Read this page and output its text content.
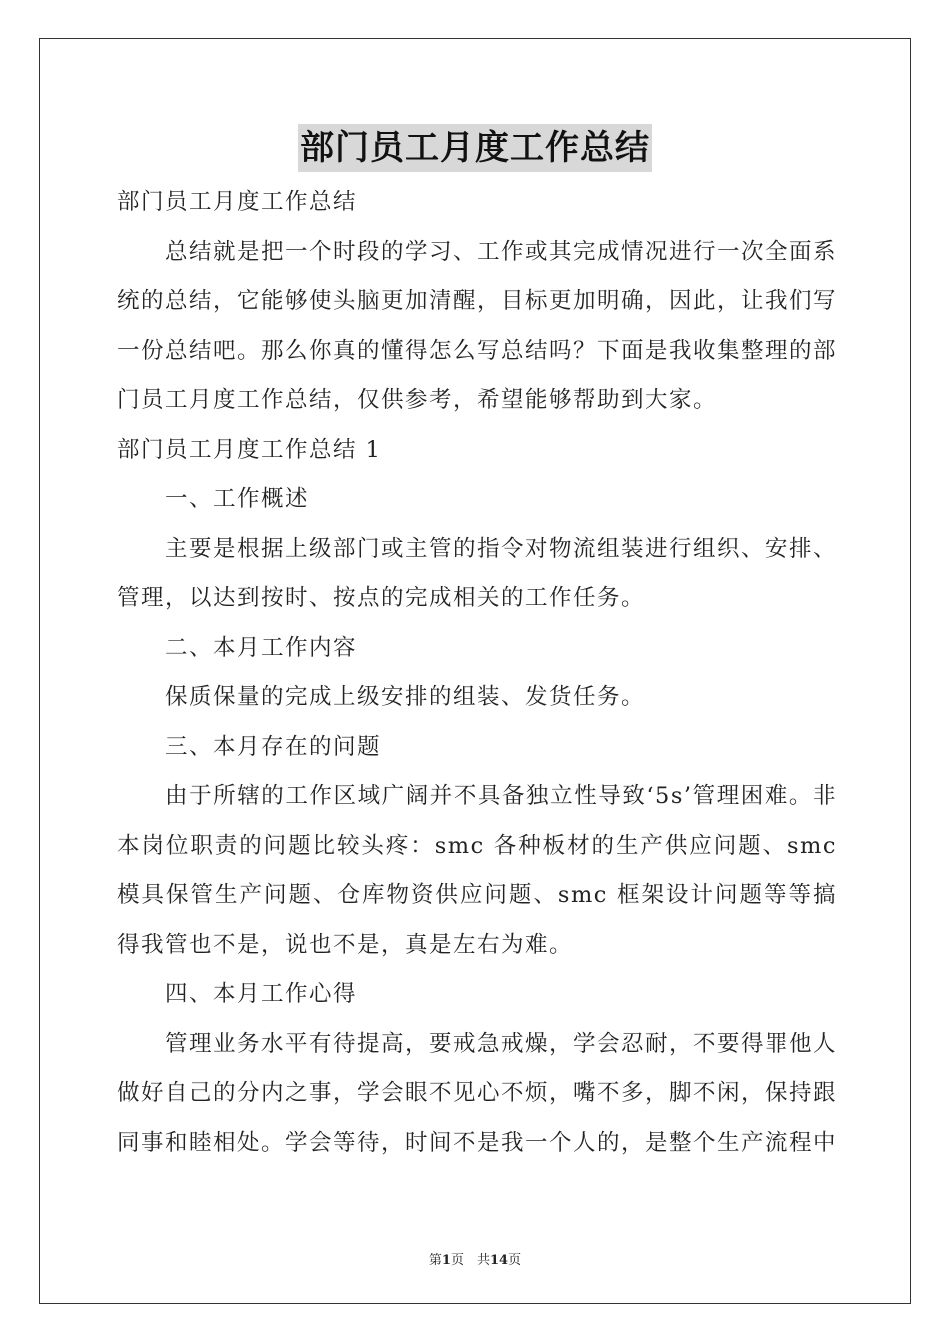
部门员工月度工作总结

部门员工月度工作总结

总结就是把一个时段的学习、工作或其完成情况进行一次全面系统的总结，它能够使头脑更加清醒，目标更加明确，因此，让我们写一份总结吧。那么你真的懂得怎么写总结吗？下面是我收集整理的部门员工月度工作总结，仅供参考，希望能够帮助到大家。

部门员工月度工作总结 1

一、工作概述

主要是根据上级部门或主管的指令对物流组装进行组织、安排、管理，以达到按时、按点的完成相关的工作任务。

二、本月工作内容

保质保量的完成上级安排的组装、发货任务。

三、本月存在的问题

由于所辖的工作区域广阔并不具备独立性导致‘5s’管理困难。非本岗位职责的问题比较头疼：smc 各种板材的生产供应问题、smc 模具保管生产问题、仓库物资供应问题、smc 框架设计问题等等搞得我管也不是，说也不是，真是左右为难。

四、本月工作心得

管理业务水平有待提高，要戒急戒燥，学会忍耐，不要得罪他人做好自己的分内之事，学会眼不见心不烦，嘴不多，脚不闲，保持跟同事和睦相处。学会等待，时间不是我一个人的，是整个生产流程中

第1页　共14页
